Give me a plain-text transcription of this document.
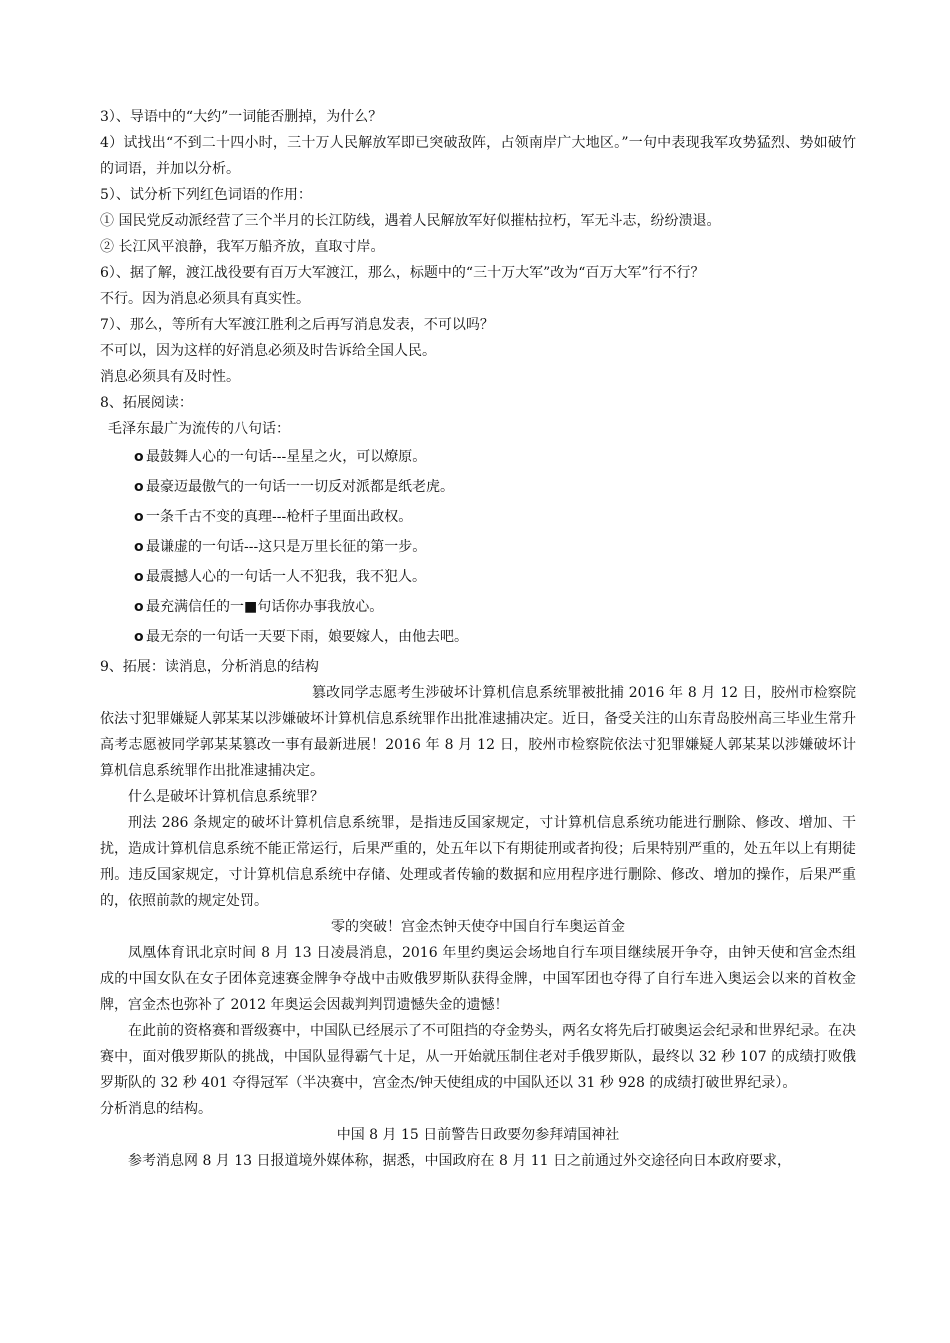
3）、导语中的“大约”一词能否删掉，为什么？
4）试找出“不到二十四小时，三十万人民解放军即已突破敌阵，占领南岸广大地区。”一句中表现我军攻势猛烈、势如破竹的词语，并加以分析。
5）、试分析下列红色词语的作用：
① 国民党反动派经营了三个半月的长江防线，遇着人民解放军好似摧枯拉朽，军无斗志，纷纷溃退。
② 长江风平浪静，我军万船齐放，直取寸岸。
6）、据了解，渡江战役要有百万大军渡江，那么，标题中的“三十万大军”改为“百万大军”行不行？
不行。因为消息必须具有真实性。
7）、那么，等所有大军渡江胜利之后再写消息发表，不可以吗？
不可以，因为这样的好消息必须及时告诉给全国人民。
消息必须具有及时性。
8、拓展阅读：
毛泽东最广为流传的八句话：
o 最鼓舞人心的一句话---星星之火，可以燎原。
o 最豪迈最傲气的一句话一一切反对派都是纸老虎。
o 一条千古不变的真理---枪杆子里面出政权。
o 最谦虚的一句话---这只是万里长征的第一步。
o 最震撼人心的一句话一人不犯我，我不犯人。
o 最充满信任的一■句话你办事我放心。
o 最无奈的一句话一天要下雨，娘要嫁人，由他去吧。
9、拓展：读消息，分析消息的结构
篡改同学志愿考生涉破坏计算机信息系统罪被批捕 2016 年 8 月 12 日，胶州市检察院依法寸犯罪嫌疑人郭某某以涉嫌破坏计算机信息系统罪作出批准逮捕决定。近日，备受关注的山东青岛胶州高三毕业生常升高考志愿被同学郭某某篡改一事有最新进展！2016 年 8 月 12 日，胶州市检察院依法寸犯罪嫌疑人郭某某以涉嫌破坏计算机信息系统罪作出批准逮捕决定。
什么是破坏计算机信息系统罪？
刑法 286 条规定的破坏计算机信息系统罪，是指违反国家规定，寸计算机信息系统功能进行删除、修改、增加、干扰，造成计算机信息系统不能正常运行，后果严重的，处五年以下有期徒刑或者拘役；后果特别严重的，处五年以上有期徒刑。违反国家规定，寸计算机信息系统中存储、处理或者传输的数据和应用程序进行删除、修改、增加的操作，后果严重的，依照前款的规定处罚。
零的突破！宫金杰钟天使夺中国自行车奥运首金
凤凰体育讯北京时间 8 月 13 日凌晨消息，2016 年里约奥运会场地自行车项目继续展开争夺，由钟天使和宫金杰组成的中国女队在女子团体竞速赛金牌争夺战中击败俄罗斯队获得金牌，中国军团也夺得了自行车进入奥运会以来的首枚金牌，宫金杰也弥补了 2012 年奥运会因裁判判罚遗憾失金的遗憾！
在此前的资格赛和晋级赛中，中国队已经展示了不可阻挡的夺金势头，两名女将先后打破奥运会纪录和世界纪录。在决赛中，面对俄罗斯队的挑战，中国队显得霸气十足，从一开始就压制住老对手俄罗斯队，最终以 32 秒 107 的成绩打败俄罗斯队的 32 秒 401 夺得冠军（半决赛中，宫金杰/钟天使组成的中国队还以 31 秒 928 的成绩打破世界纪录）。
分析消息的结构。
中国 8 月 15 日前警告日政要勿参拜靖国神社
参考消息网 8 月 13 日报道境外媒体称，据悉，中国政府在 8 月 11 日之前通过外交途径向日本政府要求，
